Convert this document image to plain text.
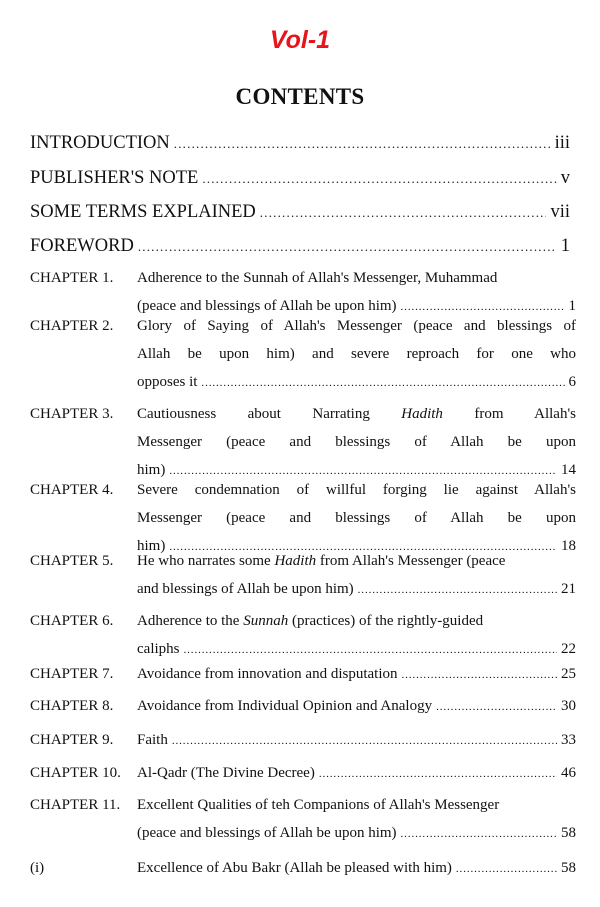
Vol-1
CONTENTS
INTRODUCTION .....	iii
PUBLISHER'S NOTE .....	v
SOME TERMS EXPLAINED .....	vii
FOREWORD .....	1
CHAPTER 1. Adherence to the Sunnah of Allah's Messenger, Muhammad
(peace and blessings of Allah be upon him) .....	1
CHAPTER 2. Glory of Saying of Allah's Messenger (peace and blessings of
Allah be upon him) and severe reproach for one who
opposes it .....	6
CHAPTER 3. Cautiousness about Narrating Hadith from Allah's
Messenger (peace and blessings of Allah be upon
him) .....	14
CHAPTER 4. Severe condemnation of willful forging lie against Allah's
Messenger (peace and blessings of Allah be upon
him) .....	18
CHAPTER 5. He who narrates some Hadith from Allah's Messenger (peace
and blessings of Allah be upon him) .....	21
CHAPTER 6. Adherence to the Sunnah (practices) of the rightly-guided
caliphs .....	22
CHAPTER 7. Avoidance from innovation and disputation .....	25
CHAPTER 8. Avoidance from Individual Opinion and Analogy .....	30
CHAPTER 9. Faith .....	33
CHAPTER 10. Al-Qadr (The Divine Decree) .....	46
CHAPTER 11. Excellent Qualities of teh Companions of Allah's Messenger
(peace and blessings of Allah be upon him) .....	58
(i)	Excellence of Abu Bakr (Allah be pleased with him) .....	58
